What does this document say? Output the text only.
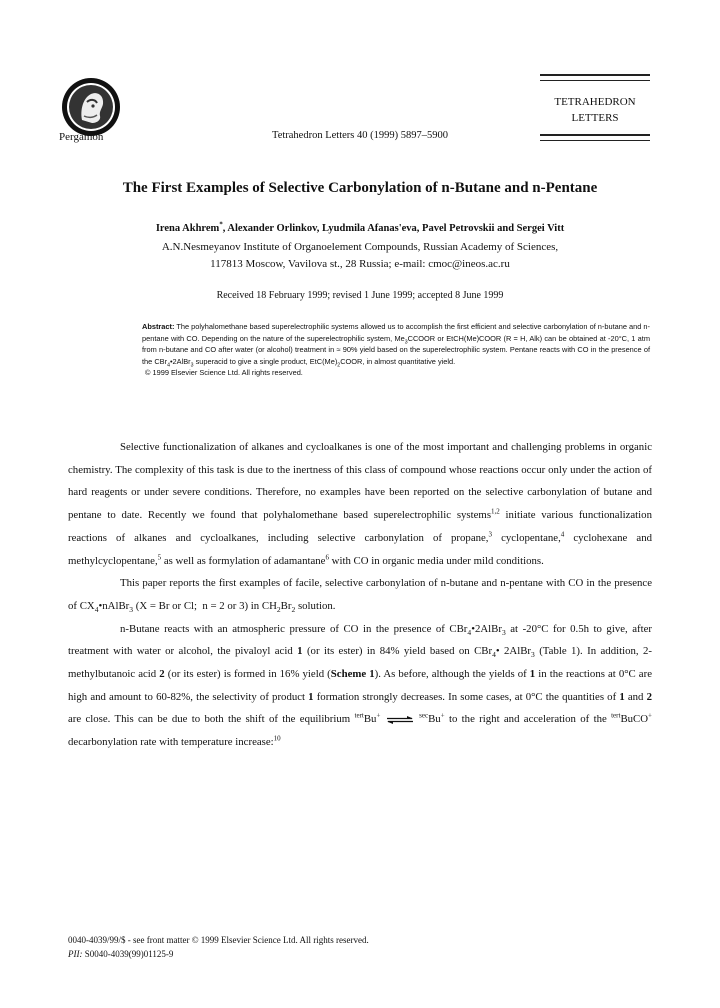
Pergamon	Tetrahedron Letters 40 (1999) 5897–5900
TETRAHEDRON
LETTERS
The First Examples of Selective Carbonylation of n-Butane and n-Pentane
Irena Akhrem*, Alexander Orlinkov, Lyudmila Afanas'eva, Pavel Petrovskii and Sergei Vitt
A.N.Nesmeyanov Institute of Organoelement Compounds, Russian Academy of Sciences,
117813 Moscow, Vavilova st., 28 Russia; e-mail: cmoc@ineos.ac.ru
Received 18 February 1999; revised 1 June 1999; accepted 8 June 1999
Abstract: The polyhalomethane based superelectrophilic systems allowed us to accomplish the first efficient and selective carbonylation of n-butane and n-pentane with CO. Depending on the nature of the superelectrophilic system, $Me_3CCOOR$ or EtCH(Me)COOR (R = H, Alk) can be obtained at -20°C, 1 atm from n-butane and CO after water (or alcohol) treatment in ≈ 90% yield based on the superelectrophilic system. Pentane reacts with CO in the presence of the CBr$_4$•2AlBr$_3$ superacid to give a single product, $EtC(Me)_2COOR$, in almost quantitative yield.
© 1999 Elsevier Science Ltd. All rights reserved.

Selective functionalization of alkanes and cycloalkanes is one of the most important and challenging problems in organic chemistry. The complexity of this task is due to the inertness of this class of compound whose reactions occur only under the action of hard reagents or under severe conditions. Therefore, no examples have been reported on the selective carbonylation of butane and pentane to date. Recently we found that polyhalomethane based superelectrophilic systems$^{1,2}$ initiate various functionalization reactions of alkanes and cycloalkanes, including selective carbonylation of propane,$^3$ cyclopentane,$^4$ cyclohexane and methylcyclopentane,$^5$ as well as formylation of adamantane$^6$ with CO in organic media under mild conditions.

This paper reports the first examples of facile, selective carbonylation of n-butane and n-pentane with CO in the presence of $CX_4•nAlBr_3$ (X = Br or Cl;  n = 2 or 3) in $CH_2Br_2$ solution.

n-Butane reacts with an atmospheric pressure of CO in the presence of CBr$_4$•2AlBr$_3$ at -20°C for 0.5h to give, after treatment with water or alcohol, the pivaloyl acid 1 (or its ester) in 84% yield based on CBr$_4$• 2AlBr$_3$ (Table 1). In addition, 2-methylbutanoic acid 2 (or its ester) is formed in 16% yield (Scheme 1). As before, although the yields of 1 in the reactions at 0°C are high and amount to 60-82%, the selectivity of product 1 formation strongly decreases. In some cases, at 0°C the quantities of 1 and 2 are close. This can be due to both the shift of the equilibrium $^{tert}$Bu+ ⇌ $^{sec}$Bu+ to the right and acceleration of the $^{tert}$BuCO+ decarbonylation rate with temperature increase:$^{10}$

0040-4039/99/$ - see front matter © 1999 Elsevier Science Ltd. All rights reserved.
PII: S0040-4039(99)01125-9
